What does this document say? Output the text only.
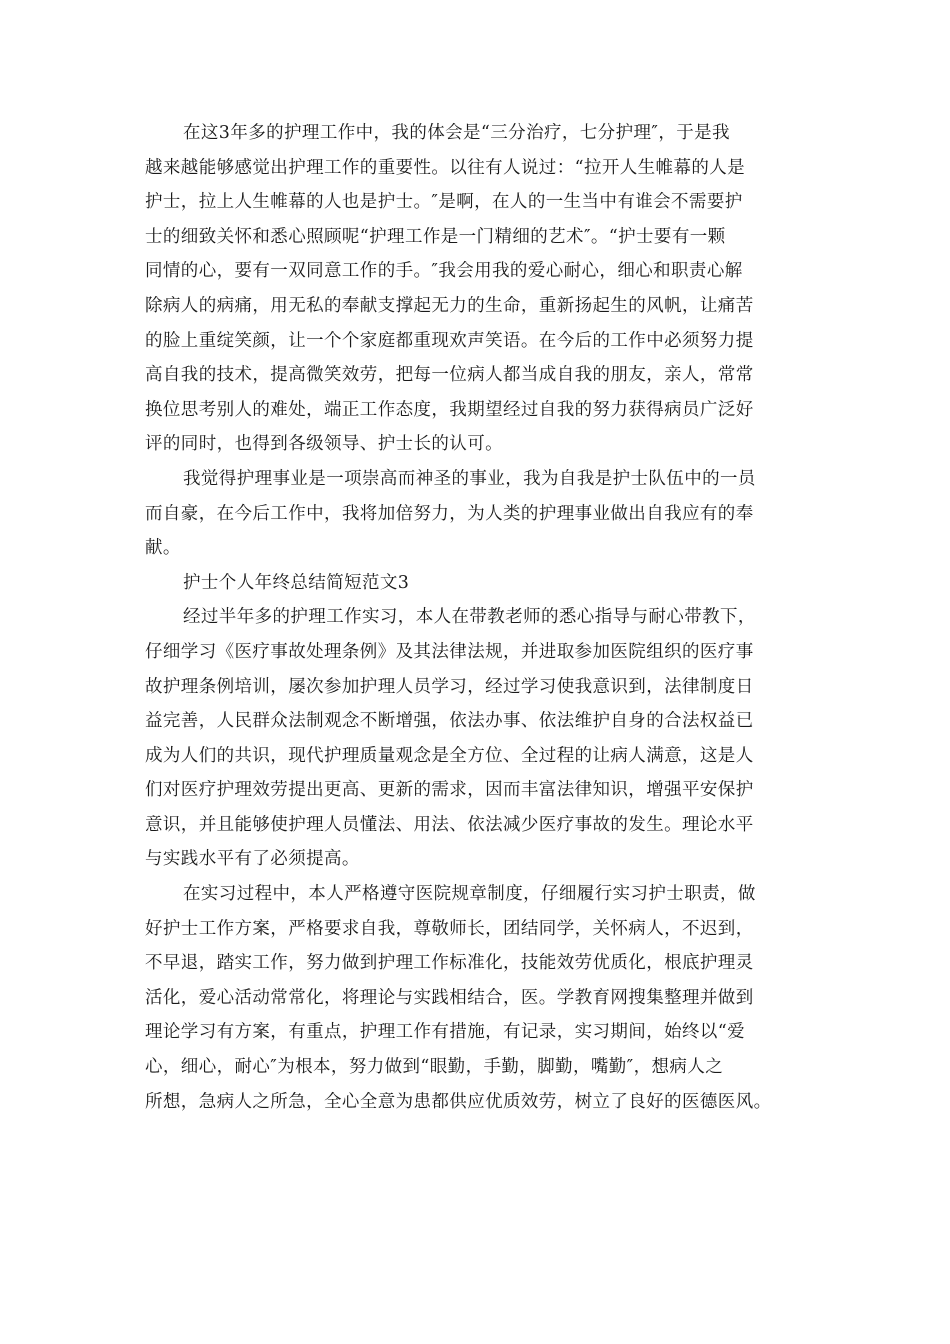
在这3年多的护理工作中，我的体会是“三分治疗，七分护理″，于是我
越来越能够感觉出护理工作的重要性。以往有人说过：“拉开人生帷幕的人是
护士，拉上人生帷幕的人也是护士。″是啊，在人的一生当中有谁会不需要护
士的细致关怀和悉心照顾呢“护理工作是一门精细的艺术″。“护士要有一颗
同情的心，要有一双同意工作的手。″我会用我的爱心耐心，细心和职责心解
除病人的病痛，用无私的奉献支撑起无力的生命，重新扬起生的风帆，让痛苦
的脸上重绽笑颜，让一个个家庭都重现欢声笑语。在今后的工作中必须努力提
高自我的技术，提高微笑效劳，把每一位病人都当成自我的朋友，亲人，常常
换位思考别人的难处，端正工作态度，我期望经过自我的努力获得病员广泛好
评的同时，也得到各级领导、护士长的认可。
我觉得护理事业是一项崇高而神圣的事业，我为自我是护士队伍中的一员
而自豪，在今后工作中，我将加倍努力，为人类的护理事业做出自我应有的奉
献。
护士个人年终总结简短范文3
经过半年多的护理工作实习，本人在带教老师的悉心指导与耐心带教下，
仔细学习《医疗事故处理条例》及其法律法规，并进取参加医院组织的医疗事
故护理条例培训，屡次参加护理人员学习，经过学习使我意识到，法律制度日
益完善，人民群众法制观念不断增强，依法办事、依法维护自身的合法权益已
成为人们的共识，现代护理质量观念是全方位、全过程的让病人满意，这是人
们对医疗护理效劳提出更高、更新的需求，因而丰富法律知识，增强平安保护
意识，并且能够使护理人员懂法、用法、依法减少医疗事故的发生。理论水平
与实践水平有了必须提高。
在实习过程中，本人严格遵守医院规章制度，仔细履行实习护士职责，做
好护士工作方案，严格要求自我，尊敬师长，团结同学，关怀病人，不迟到，
不早退，踏实工作，努力做到护理工作标准化，技能效劳优质化，根底护理灵
活化，爱心活动常常化，将理论与实践相结合，医。学教育网搜集整理并做到
理论学习有方案，有重点，护理工作有措施，有记录，实习期间，始终以“爱
心，细心，耐心″为根本，努力做到“眼勤，手勤，脚勤，嘴勤″，想病人之
所想，急病人之所急，全心全意为患都供应优质效劳，树立了良好的医德医风。
